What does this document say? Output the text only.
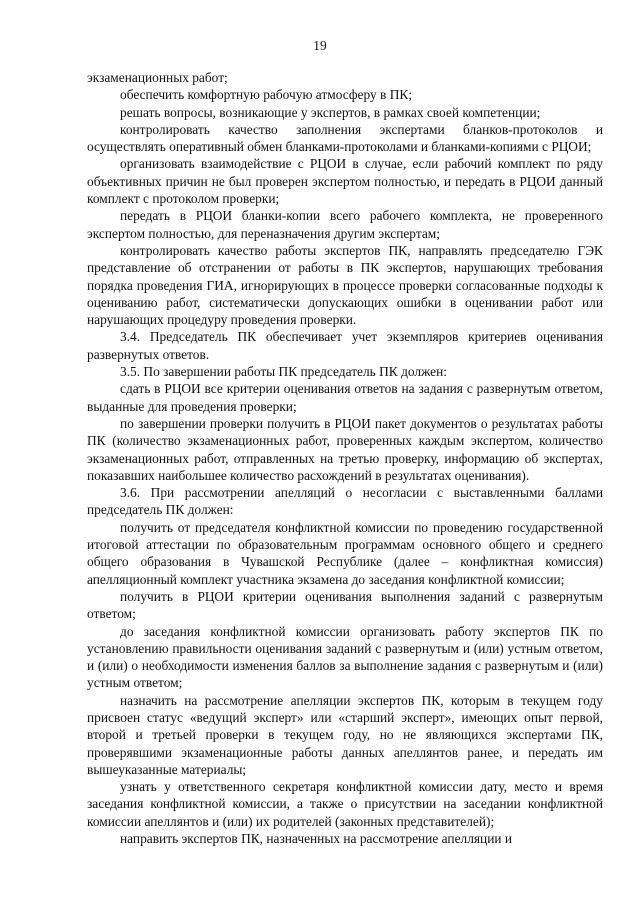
19

экзаменационных работ;

обеспечить комфортную рабочую атмосферу в ПК;

решать вопросы, возникающие у экспертов, в рамках своей компетенции;

контролировать качество заполнения экспертами бланков-протоколов и осуществлять оперативный обмен бланками-протоколами и бланками-копиями с РЦОИ;

организовать взаимодействие с РЦОИ в случае, если рабочий комплект по ряду объективных причин не был проверен экспертом полностью, и передать в РЦОИ данный комплект с протоколом проверки;

передать в РЦОИ бланки-копии всего рабочего комплекта, не проверенного экспертом полностью, для переназначения другим экспертам;

контролировать качество работы экспертов ПК, направлять председателю ГЭК представление об отстранении от работы в ПК экспертов, нарушающих требования порядка проведения ГИА, игнорирующих в процессе проверки согласованные подходы к оцениванию работ, систематически допускающих ошибки в оценивании работ или нарушающих процедуру проведения проверки.

3.4. Председатель ПК обеспечивает учет экземпляров критериев оценивания развернутых ответов.

3.5. По завершении работы ПК председатель ПК должен:

сдать в РЦОИ все критерии оценивания ответов на задания с развернутым ответом, выданные для проведения проверки;

по завершении проверки получить в РЦОИ пакет документов о результатах работы ПК (количество экзаменационных работ, проверенных каждым экспертом, количество экзаменационных работ, отправленных на третью проверку, информацию об экспертах, показавших наибольшее количество расхождений в результатах оценивания).

3.6. При рассмотрении апелляций о несогласии с выставленными баллами председатель ПК должен:

получить от председателя конфликтной комиссии по проведению государственной итоговой аттестации по образовательным программам основного общего и среднего общего образования в Чувашской Республике (далее – конфликтная комиссия) апелляционный комплект участника экзамена до заседания конфликтной комиссии;

получить в РЦОИ критерии оценивания выполнения заданий с развернутым ответом;

до заседания конфликтной комиссии организовать работу экспертов ПК по установлению правильности оценивания заданий с развернутым и (или) устным ответом, и (или) о необходимости изменения баллов за выполнение задания с развернутым и (или) устным ответом;

назначить на рассмотрение апелляции экспертов ПК, которым в текущем году присвоен статус «ведущий эксперт» или «старший эксперт», имеющих опыт первой, второй и третьей проверки в текущем году, но не являющихся экспертами ПК, проверявшими экзаменационные работы данных апеллянтов ранее, и передать им вышеуказанные материалы;

узнать у ответственного секретаря конфликтной комиссии дату, место и время заседания конфликтной комиссии, а также о присутствии на заседании конфликтной комиссии апеллянтов и (или) их родителей (законных представителей);

направить экспертов ПК, назначенных на рассмотрение апелляции и
